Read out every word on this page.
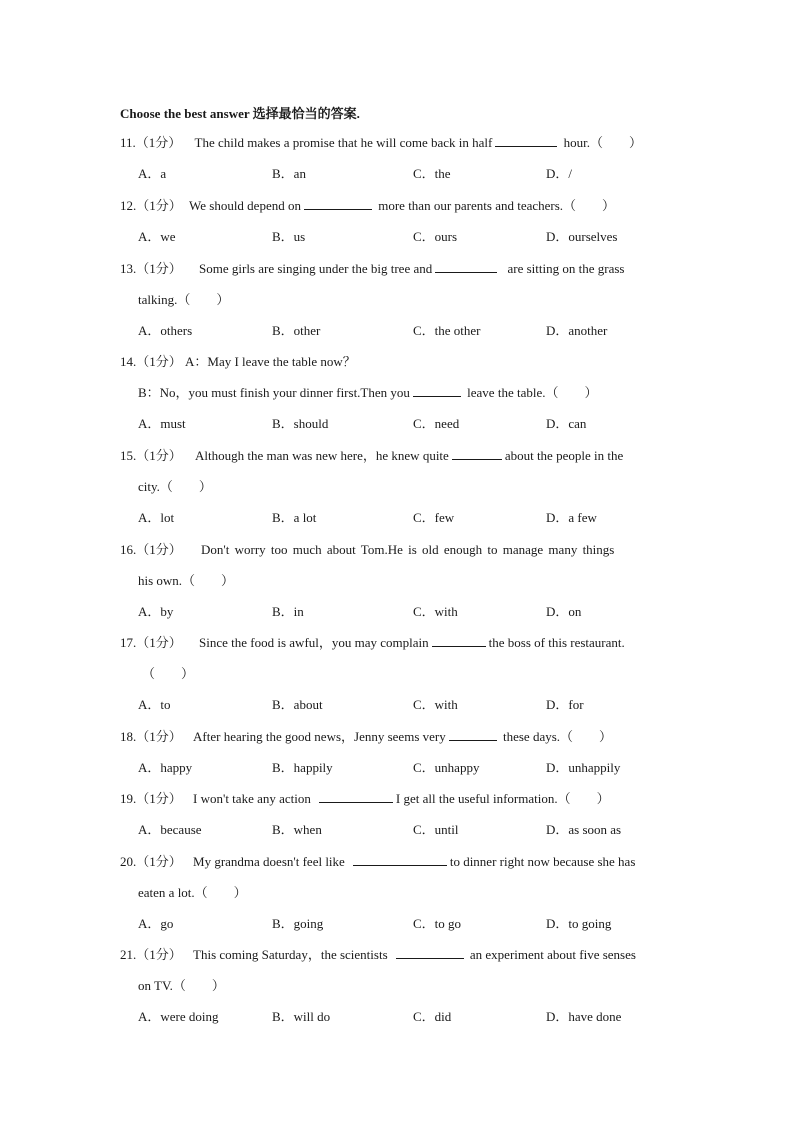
Choose the best answer 选择最恰当的答案.
11.（1分） The child makes a promise that he will come back in half	hour.（　　）
A．a	B．an	C．the	D．/
12.（1分） We should depend on	more than our parents and teachers.（　　）
A．we	B．us	C．ours	D．ourselves
13.（1分） Some girls are singing under the big tree and	are sitting on the grass
talking.（　　）
A．others	B．other	C．the other	D．another
14.（1分） A：May I leave the table now？
B：No，you must finish your dinner first.Then you	leave the table.（　　）
A．must	B．should	C．need	D．can
15.（1分） Although the man was new here，he knew quite	about the people in the
city.（　　）
A．lot	B．a lot	C．few	D．a few
16.（1分） Don't worry too much about Tom.He is old enough to manage many things
his own.（　　）
A．by	B．in	C．with	D．on
17.（1分） Since the food is awful，you may complain	the boss of this restaurant.
（　　）
A．to	B．about	C．with	D．for
18.（1分） After hearing the good news，Jenny seems very	these days.（　　）
A．happy	B．happily	C．unhappy	D．unhappily
19.（1分） I won't take any action	I get all the useful information.（　　）
A．because	B．when	C．until	D．as soon as
20.（1分） My grandma doesn't feel like	to dinner right now because she has
eaten a lot.（　　）
A．go	B．going	C．to go	D．to going
21.（1分） This coming Saturday，the scientists	an experiment about five senses
on TV.（　　）
A．were doing	B．will do	C．did	D．have done
